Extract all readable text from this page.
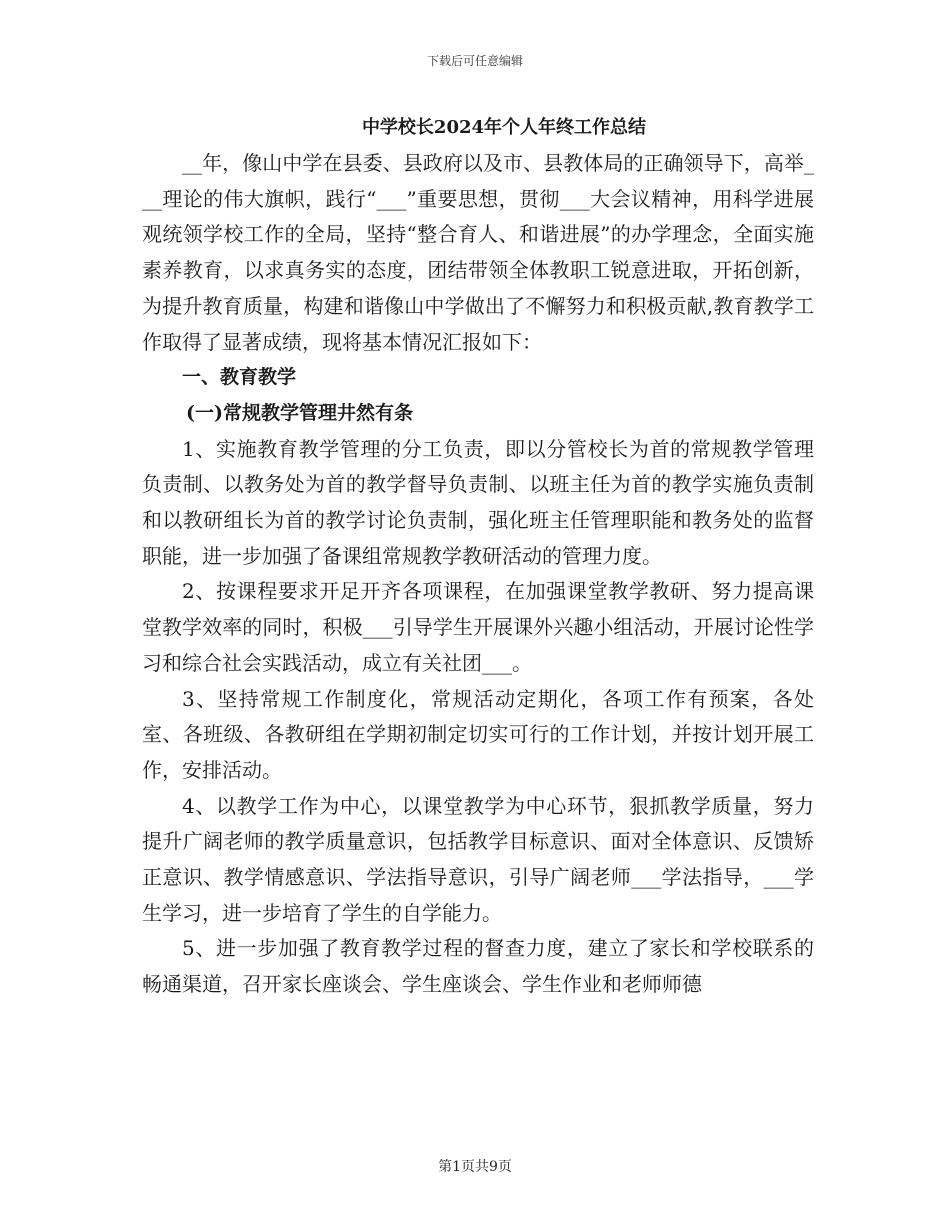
下载后可任意编辑
中学校长2024年个人年终工作总结

__年，像山中学在县委、县政府以及市、县教体局的正确领导下，高举___理论的伟大旗帜，践行“___”重要思想，贯彻___大会议精神，用科学进展观统领学校工作的全局，坚持“整合育人、和谐进展”的办学理念，全面实施素养教育，以求真务实的态度，团结带领全体教职工锐意进取，开拓创新，为提升教育质量，构建和谐像山中学做出了不懈努力和积极贡献,教育教学工作取得了显著成绩，现将基本情况汇报如下：

一、教育教学

(一)常规教学管理井然有条

1、实施教育教学管理的分工负责，即以分管校长为首的常规教学管理负责制、以教务处为首的教学督导负责制、以班主任为首的教学实施负责制和以教研组长为首的教学讨论负责制，强化班主任管理职能和教务处的监督职能，进一步加强了备课组常规教学教研活动的管理力度。

2、按课程要求开足开齐各项课程，在加强课堂教学教研、努力提高课堂教学效率的同时，积极___引导学生开展课外兴趣小组活动，开展讨论性学习和综合社会实践活动，成立有关社团___。

3、坚持常规工作制度化，常规活动定期化，各项工作有预案，各处室、各班级、各教研组在学期初制定切实可行的工作计划，并按计划开展工作，安排活动。

4、以教学工作为中心，以课堂教学为中心环节，狠抓教学质量，努力提升广阔老师的教学质量意识，包括教学目标意识、面对全体意识、反馈矫正意识、教学情感意识、学法指导意识，引导广阔老师___学法指导，___学生学习，进一步培育了学生的自学能力。

5、进一步加强了教育教学过程的督查力度，建立了家长和学校联系的畅通渠道，召开家长座谈会、学生座谈会、学生作业和老师师德

第1页共9页
